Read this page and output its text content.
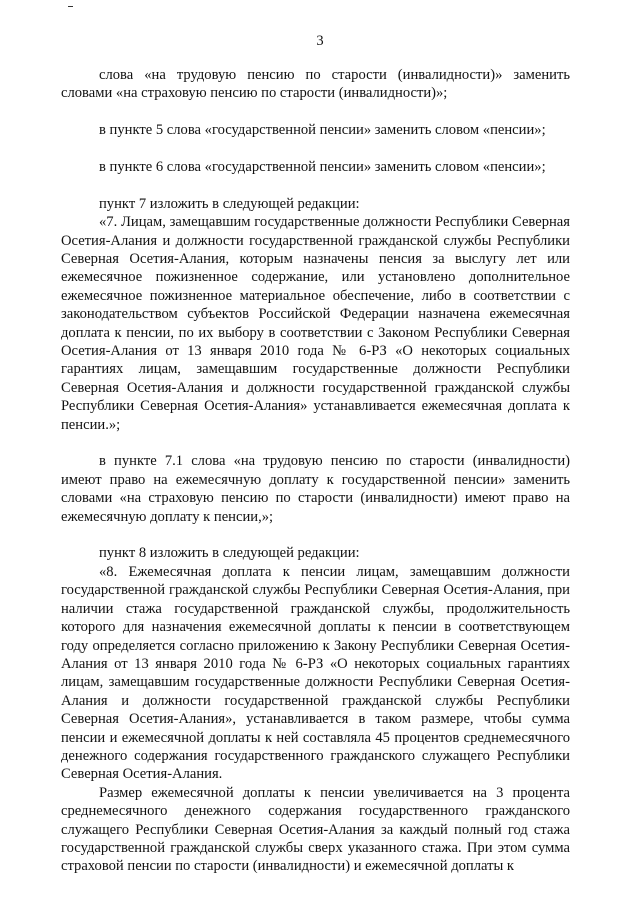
3

слова «на трудовую пенсию по старости (инвалидности)» заменить словами «на страховую пенсию по старости (инвалидности)»;

в пункте 5 слова «государственной пенсии» заменить словом «пенсии»;

в пункте 6 слова «государственной пенсии» заменить словом «пенсии»;

пункт 7 изложить в следующей редакции:

«7. Лицам, замещавшим государственные должности Республики Северная Осетия-Алания и должности государственной гражданской службы Республики Северная Осетия-Алания, которым назначены пенсия за выслугу лет или ежемесячное пожизненное содержание, или установлено дополнительное ежемесячное пожизненное материальное обеспечение, либо в соответствии с законодательством субъектов Российской Федерации назначена ежемесячная доплата к пенсии, по их выбору в соответствии с Законом Республики Северная Осетия-Алания от 13 января 2010 года № 6-РЗ «О некоторых социальных гарантиях лицам, замещавшим государственные должности Республики Северная Осетия-Алания и должности государственной гражданской службы Республики Северная Осетия-Алания» устанавливается ежемесячная доплата к пенсии.»;

в пункте 7.1 слова «на трудовую пенсию по старости (инвалидности) имеют право на ежемесячную доплату к государственной пенсии» заменить словами «на страховую пенсию по старости (инвалидности) имеют право на ежемесячную доплату к пенсии,»;

пункт 8 изложить в следующей редакции:

«8. Ежемесячная доплата к пенсии лицам, замещавшим должности государственной гражданской службы Республики Северная Осетия-Алания, при наличии стажа государственной гражданской службы, продолжительность которого для назначения ежемесячной доплаты к пенсии в соответствующем году определяется согласно приложению к Закону Республики Северная Осетия-Алания от 13 января 2010 года № 6-РЗ «О некоторых социальных гарантиях лицам, замещавшим государственные должности Республики Северная Осетия-Алания и должности государственной гражданской службы Республики Северная Осетия-Алания», устанавливается в таком размере, чтобы сумма пенсии и ежемесячной доплаты к ней составляла 45 процентов среднемесячного денежного содержания государственного гражданского служащего Республики Северная Осетия-Алания.

Размер ежемесячной доплаты к пенсии увеличивается на 3 процента среднемесячного денежного содержания государственного гражданского служащего Республики Северная Осетия-Алания за каждый полный год стажа государственной гражданской службы сверх указанного стажа. При этом сумма страховой пенсии по старости (инвалидности) и ежемесячной доплаты к
